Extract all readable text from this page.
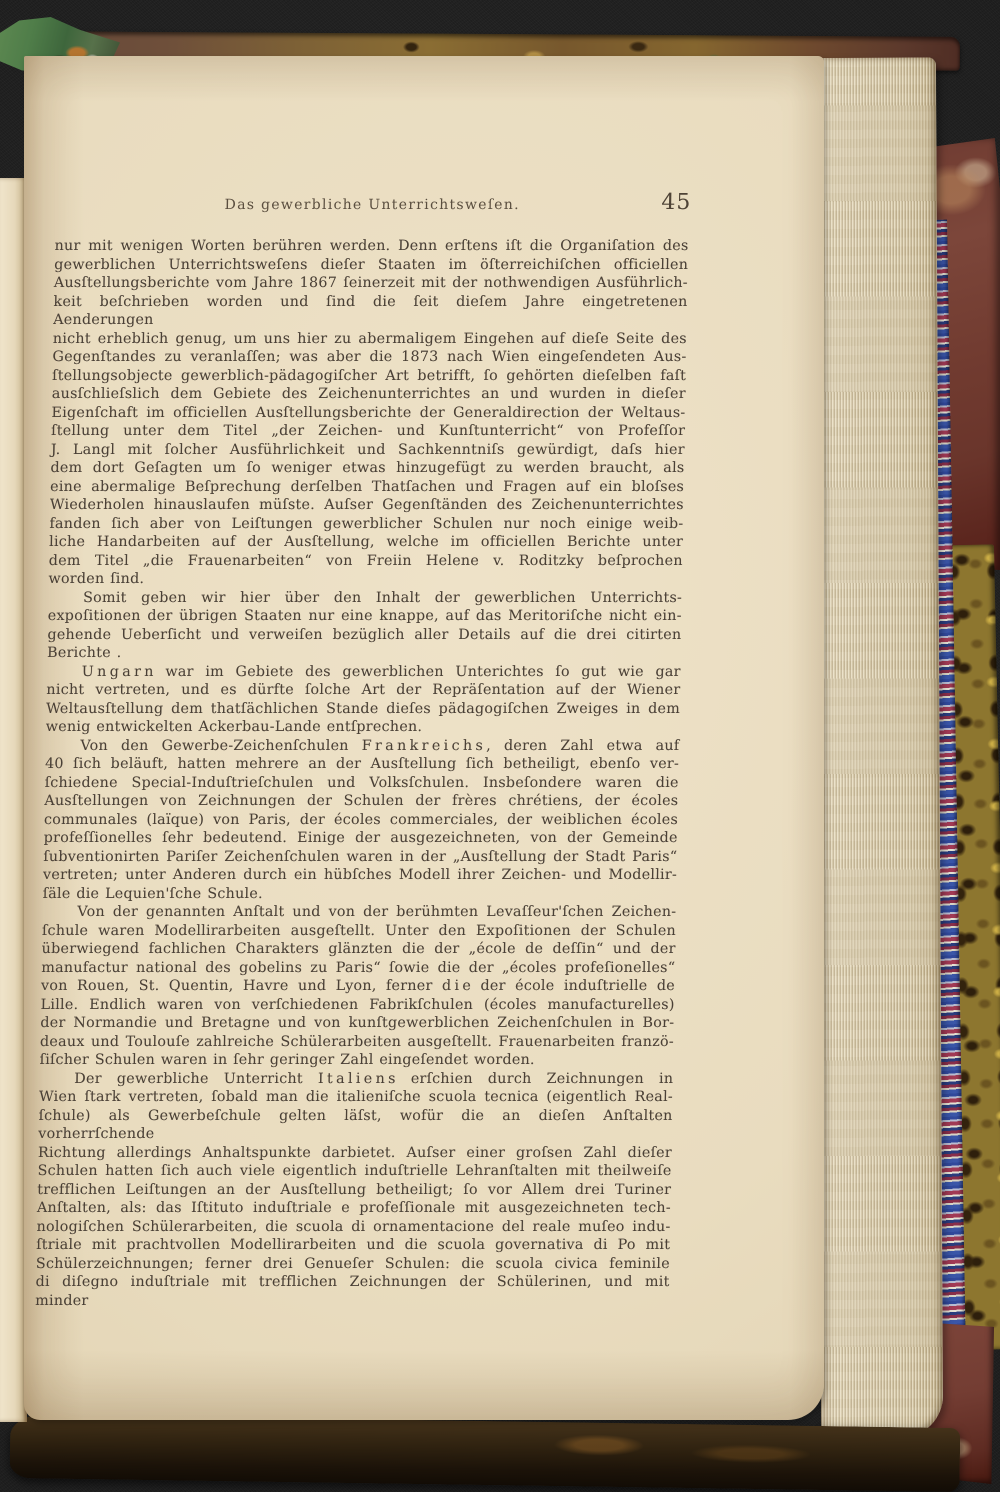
Das gewerbliche Unterrichtsweſen.	45
nur mit wenigen Worten berühren werden. Denn erſtens iſt die Organiſation des
gewerblichen Unterrichtsweſens dieſer Staaten im öſterreichiſchen officiellen
Ausſtellungsberichte vom Jahre 1867 ſeinerzeit mit der nothwendigen Ausführlich-
keit beſchrieben worden und ſind die ſeit dieſem Jahre eingetretenen Aenderungen
nicht erheblich genug, um uns hier zu abermaligem Eingehen auf dieſe Seite des
Gegenſtandes zu veranlaſſen; was aber die 1873 nach Wien eingeſendeten Aus-
ſtellungsobjecte gewerblich-pädagogiſcher Art betrifft, ſo gehörten dieſelben faſt
ausſchlieſslich dem Gebiete des Zeichenunterrichtes an und wurden in dieſer
Eigenſchaft im officiellen Ausſtellungsberichte der Generaldirection der Weltaus-
ſtellung unter dem Titel „der Zeichen- und Kunſtunterricht“ von Profeſſor
J. Langl mit ſolcher Ausführlichkeit und Sachkenntniſs gewürdigt, daſs hier
dem dort Geſagten um ſo weniger etwas hinzugefügt zu werden braucht, als
eine abermalige Beſprechung derſelben Thatſachen und Fragen auf ein bloſses
Wiederholen hinauslaufen müſste. Auſser Gegenſtänden des Zeichenunterrichtes
fanden ſich aber von Leiſtungen gewerblicher Schulen nur noch einige weib-
liche Handarbeiten auf der Ausſtellung, welche im officiellen Berichte unter
dem Titel „die Frauenarbeiten“ von Freiin Helene v. Roditzky beſprochen
worden ſind.
Somit geben wir hier über den Inhalt der gewerblichen Unterrichts-
expoſitionen der übrigen Staaten nur eine knappe, auf das Meritoriſche nicht ein-
gehende Ueberſicht und verweiſen bezüglich aller Details auf die drei citirten
Berichte .
U n g a r n war im Gebiete des gewerblichen Unterichtes ſo gut wie gar
nicht vertreten, und es dürfte ſolche Art der Repräſentation auf der Wiener
Weltausſtellung dem thatſächlichen Stande dieſes pädagogiſchen Zweiges in dem
wenig entwickelten Ackerbau-Lande entſprechen.
Von den Gewerbe-Zeichenſchulen F r a n k r e i c h s , deren Zahl etwa auf
40 ſich beläuft, hatten mehrere an der Ausſtellung ſich betheiligt, ebenſo ver-
ſchiedene Special-Induſtrieſchulen und Volksſchulen. Insbeſondere waren die
Ausſtellungen von Zeichnungen der Schulen der frères chrétiens, der écoles
communales (laïque) von Paris, der écoles commerciales, der weiblichen écoles
profeſſionelles ſehr bedeutend. Einige der ausgezeichneten, von der Gemeinde
ſubventionirten Pariſer Zeichenſchulen waren in der „Ausſtellung der Stadt Paris“
vertreten; unter Anderen durch ein hübſches Modell ihrer Zeichen- und Modellir-
ſäle die Lequien'ſche Schule.
Von der genannten Anſtalt und von der berühmten Levaſſeur'ſchen Zeichen-
ſchule waren Modellirarbeiten ausgeſtellt. Unter den Expoſitionen der Schulen
überwiegend fachlichen Charakters glänzten die der „école de deſſin“ und der
manufactur national des gobelins zu Paris“ ſowie die der „écoles profeſionelles“
von Rouen, St. Quentin, Havre und Lyon, ferner d i e der école induſtrielle de
Lille. Endlich waren von verſchiedenen Fabrikſchulen (écoles manufacturelles)
der Normandie und Bretagne und von kunſtgewerblichen Zeichenſchulen in Bor-
deaux und Toulouſe zahlreiche Schülerarbeiten ausgeſtellt. Frauenarbeiten franzö-
ſiſcher Schulen waren in ſehr geringer Zahl eingeſendet worden.
Der gewerbliche Unterricht I t a l i e n s erſchien durch Zeichnungen in
Wien ſtark vertreten, ſobald man die italieniſche scuola tecnica (eigentlich Real-
ſchule) als Gewerbeſchule gelten läſst, wofür die an dieſen Anſtalten vorherrſchende
Richtung allerdings Anhaltspunkte darbietet. Auſser einer groſsen Zahl dieſer
Schulen hatten ſich auch viele eigentlich induſtrielle Lehranſtalten mit theilweiſe
trefflichen Leiſtungen an der Ausſtellung betheiligt; ſo vor Allem drei Turiner
Anſtalten, als: das Iſtituto induſtriale e profeſſionale mit ausgezeichneten tech-
nologiſchen Schülerarbeiten, die scuola di ornamentacione del reale muſeo indu-
ſtriale mit prachtvollen Modellirarbeiten und die scuola governativa di Po mit
Schülerzeichnungen; ferner drei Genueſer Schulen: die scuola civica feminile
di diſegno induſtriale mit trefflichen Zeichnungen der Schülerinen, und mit minder
